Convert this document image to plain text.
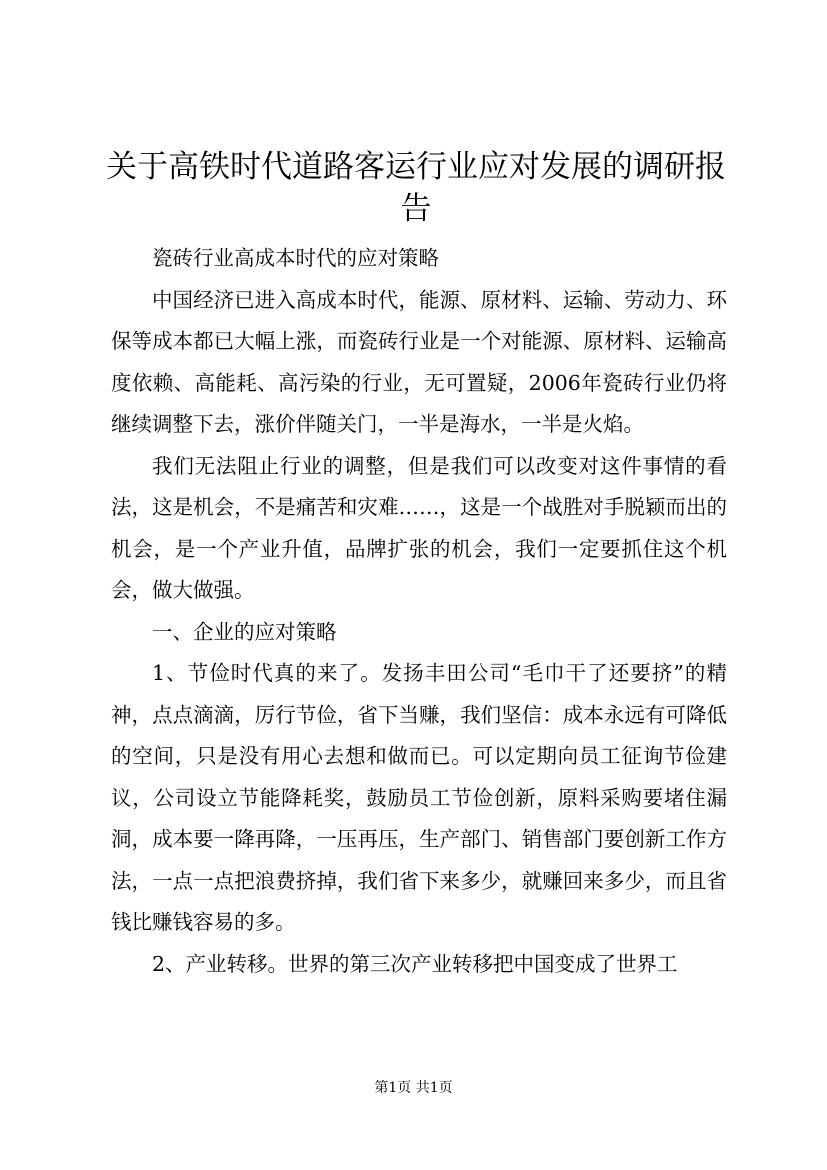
关于高铁时代道路客运行业应对发展的调研报告

瓷砖行业高成本时代的应对策略

中国经济已进入高成本时代，能源、原材料、运输、劳动力、环保等成本都已大幅上涨，而瓷砖行业是一个对能源、原材料、运输高度依赖、高能耗、高污染的行业，无可置疑，2006年瓷砖行业仍将继续调整下去，涨价伴随关门，一半是海水，一半是火焰。

我们无法阻止行业的调整，但是我们可以改变对这件事情的看法，这是机会，不是痛苦和灾难……，这是一个战胜对手脱颖而出的机会，是一个产业升值，品牌扩张的机会，我们一定要抓住这个机会，做大做强。

一、企业的应对策略

1、节俭时代真的来了。发扬丰田公司“毛巾干了还要挤”的精神，点点滴滴，厉行节俭，省下当赚，我们坚信：成本永远有可降低的空间，只是没有用心去想和做而已。可以定期向员工征询节俭建议，公司设立节能降耗奖，鼓励员工节俭创新，原料采购要堵住漏洞，成本要一降再降，一压再压，生产部门、销售部门要创新工作方法，一点一点把浪费挤掉，我们省下来多少，就赚回来多少，而且省钱比赚钱容易的多。

2、产业转移。世界的第三次产业转移把中国变成了世界工

第1页 共1页
